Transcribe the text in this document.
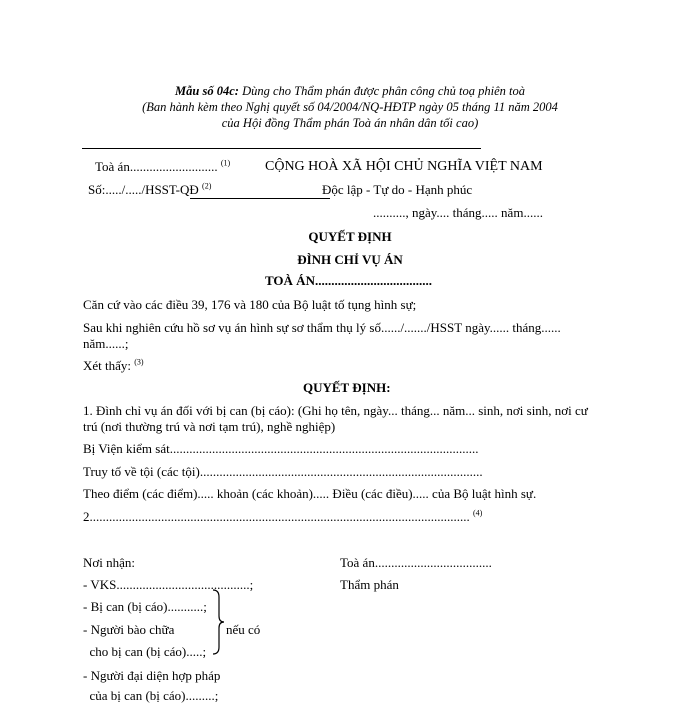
Mẫu số 04c: Dùng cho Thẩm phán được phân công chủ toạ phiên toà
(Ban hành kèm theo Nghị quyết số 04/2004/NQ-HĐTP ngày 05 tháng 11 năm 2004
của Hội đồng Thẩm phán Toà án nhân dân tối cao)
Toà án........................... $^{(1)}$
Số:...../...../HSST-QĐ $^{(2)}$
CỘNG HOÀ XÃ HỘI CHỦ NGHĨA VIỆT NAM
Độc lập - Tự do - Hạnh phúc
.........., ngày.... tháng..... năm......
QUYẾT ĐỊNH
ĐÌNH CHỈ VỤ ÁN
TOÀ ÁN....................................
Căn cứ vào các điều 39, 176 và 180 của Bộ luật tố tụng hình sự;
Sau khi nghiên cứu hồ sơ vụ án hình sự sơ thẩm thụ lý số....../......./HSST ngày...... tháng......
năm......;
Xét thấy: $^{(3)}$
QUYẾT ĐỊNH:
1. Đình chỉ vụ án đối với bị can (bị cáo): (Ghi họ tên, ngày... tháng... năm... sinh, nơi sinh, nơi cư
trú (nơi thường trú và nơi tạm trú), nghề nghiệp)
Bị Viện kiểm sát...............................................................................................
Truy tố về tội (các tội).......................................................................................
Theo điểm (các điểm)..... khoản (các khoản)..... Điều (các điều)..... của Bộ luật hình sự.
2..................................................................................................................... $^{(4)}$
Nơi nhận:
- VKS.........................................;
- Bị can (bị cáo)...........;
- Người bào chữa
cho bị can (bị cáo).....;
nếu có
- Người đại diện hợp pháp
của bị can (bị cáo).........;
Toà án....................................
Thẩm phán
